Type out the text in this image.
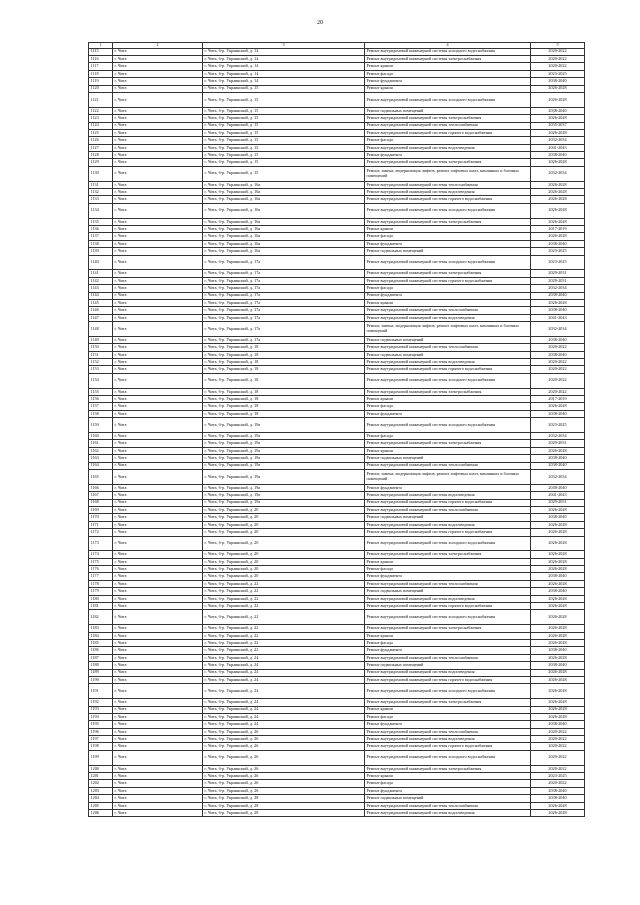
20
1	2	3	4	5
1115	г. Чита	г. Чита, б-р. Украинский, д. 14	Ремонт внутридомовой инженерной системы холодного водоснабжения	2020-2022
1116	г. Чита	г. Чита, б-р. Украинский, д. 14	Ремонт внутридомовой инженерной системы электроснабжения	2020-2022
1117	г. Чита	г. Чита, б-р. Украинский, д. 14	Ремонт крыши	2020-2022
1118	г. Чита	г. Чита, б-р. Украинский, д. 14	Ремонт фасада	2023-2025
1119	г. Чита	г. Чита, б-р. Украинский, д. 14	Ремонт фундамента	2038-2040
1120	г. Чита	г. Чита, б-р. Украинский, д. 15	Ремонт крыши	2026-2028
1121	г. Чита	г. Чита, б-р. Украинский, д. 15	Ремонт внутридомовой инженерной системы холодного водоснабжения	2026-2028
1122	г. Чита	г. Чита, б-р. Украинский, д. 15	Ремонт подвальных помещений	2038-2040
1123	г. Чита	г. Чита, б-р. Украинский, д. 15	Ремонт внутридомовой инженерной системы электроснабжения	2026-2028
1124	г. Чита	г. Чита, б-р. Украинский, д. 15	Ремонт внутридомовой инженерной системы теплоснабжения	2035-2037
1125	г. Чита	г. Чита, б-р. Украинский, д. 15	Ремонт внутридомовой инженерной системы горячего водоснабжения	2026-2028
1126	г. Чита	г. Чита, б-р. Украинский, д. 15	Ремонт фасада	2032-2034
1127	г. Чита	г. Чита, б-р. Украинский, д. 15	Ремонт внутридомовой инженерной системы водоотведения	2041-2043
1128	г. Чита	г. Чита, б-р. Украинский, д. 15	Ремонт фундамента	2038-2040
1129	г. Чита	г. Чита, б-р. Украинский, д. 15	Ремонт внутридомовой инженерной системы электроснабжения	2026-2028
1130	г. Чита	г. Чита, б-р. Украинский, д. 15	Ремонт, замена, модернизация лифтов, ремонт лифтовых шахт, машинных и блочных помещений	2032-2034
1131	г. Чита	г. Чита, б-р. Украинский, д. 16а	Ремонт внутридомовой инженерной системы теплоснабжения	2026-2028
1132	г. Чита	г. Чита, б-р. Украинский, д. 16а	Ремонт внутридомовой инженерной системы водоотведения	2026-2028
1133	г. Чита	г. Чита, б-р. Украинский, д. 16а	Ремонт внутридомовой инженерной системы горячего водоснабжения	2026-2028
1134	г. Чита	г. Чита, б-р. Украинский, д. 16а	Ремонт внутридомовой инженерной системы холодного водоснабжения	2026-2028
1135	г. Чита	г. Чита, б-р. Украинский, д. 16а	Ремонт внутридомовой инженерной системы электроснабжения	2026-2028
1136	г. Чита	г. Чита, б-р. Украинский, д. 16а	Ремонт крыши	2017-2019
1137	г. Чита	г. Чита, б-р. Украинский, д. 16а	Ремонт фасада	2026-2028
1138	г. Чита	г. Чита, б-р. Украинский, д. 16а	Ремонт фундамента	2038-2040
1139	г. Чита	г. Чита, б-р. Украинский, д. 16а	Ремонт подвальных помещений	2023-2025
1140	г. Чита	г. Чита, б-р. Украинский, д. 17а	Ремонт внутридомовой инженерной системы холодного водоснабжения	2023-2025
1141	г. Чита	г. Чита, б-р. Украинский, д. 17а	Ремонт внутридомовой инженерной системы электроснабжения	2029-2031
1142	г. Чита	г. Чита, б-р. Украинский, д. 17а	Ремонт внутридомовой инженерной системы горячего водоснабжения	2029-2031
1143	г. Чита	г. Чита, б-р. Украинский, д. 17а	Ремонт фасада	2032-2034
1144	г. Чита	г. Чита, б-р. Украинский, д. 17а	Ремонт фундамента	2038-2040
1145	г. Чита	г. Чита, б-р. Украинский, д. 17а	Ремонт крыши	2026-2028
1146	г. Чита	г. Чита, б-р. Украинский, д. 17а	Ремонт внутридомовой инженерной системы теплоснабжения	2038-2040
1147	г. Чита	г. Чита, б-р. Украинский, д. 17а	Ремонт внутридомовой инженерной системы водоотведения	2041-2043
1148	г. Чита	г. Чита, б-р. Украинский, д. 17а	Ремонт, замена, модернизация лифтов, ремонт лифтовых шахт, машинных и блочных помещений	2032-2034
1149	г. Чита	г. Чита, б-р. Украинский, д. 17а	Ремонт подвальных помещений	2038-2040
1150	г. Чита	г. Чита, б-р. Украинский, д. 18	Ремонт внутридомовой инженерной системы теплоснабжения	2020-2022
1151	г. Чита	г. Чита, б-р. Украинский, д. 18	Ремонт подвальных помещений	2038-2040
1152	г. Чита	г. Чита, б-р. Украинский, д. 18	Ремонт внутридомовой инженерной системы водоотведения	2020-2022
1153	г. Чита	г. Чита, б-р. Украинский, д. 18	Ремонт внутридомовой инженерной системы горячего водоснабжения	2020-2022
1154	г. Чита	г. Чита, б-р. Украинский, д. 18	Ремонт внутридомовой инженерной системы холодного водоснабжения	2020-2022
1155	г. Чита	г. Чита, б-р. Украинский, д. 18	Ремонт внутридомовой инженерной системы электроснабжения	2020-2022
1156	г. Чита	г. Чита, б-р. Украинский, д. 18	Ремонт крыши	2017-2019
1157	г. Чита	г. Чита, б-р. Украинский, д. 18	Ремонт фасада	2026-2028
1158	г. Чита	г. Чита, б-р. Украинский, д. 18	Ремонт фундамента	2038-2040
1159	г. Чита	г. Чита, б-р. Украинский, д. 19а	Ремонт внутридомовой инженерной системы холодного водоснабжения	2023-2025
1160	г. Чита	г. Чита, б-р. Украинский, д. 19а	Ремонт фасада	2032-2034
1161	г. Чита	г. Чита, б-р. Украинский, д. 19а	Ремонт внутридомовой инженерной системы электроснабжения	2029-2031
1162	г. Чита	г. Чита, б-р. Украинский, д. 19а	Ремонт крыши	2026-2028
1163	г. Чита	г. Чита, б-р. Украинский, д. 19а	Ремонт подвальных помещений	2038-2040
1164	г. Чита	г. Чита, б-р. Украинский, д. 19а	Ремонт внутридомовой инженерной системы теплоснабжения	2038-2040
1165	г. Чита	г. Чита, б-р. Украинский, д. 19а	Ремонт, замена, модернизация лифтов, ремонт лифтовых шахт, машинных и блочных помещений	2032-2034
1166	г. Чита	г. Чита, б-р. Украинский, д. 19а	Ремонт фундамента	2038-2040
1167	г. Чита	г. Чита, б-р. Украинский, д. 19а	Ремонт внутридомовой инженерной системы водоотведения	2041-2043
1168	г. Чита	г. Чита, б-р. Украинский, д. 19а	Ремонт внутридомовой инженерной системы горячего водоснабжения	2029-2031
1169	г. Чита	г. Чита, б-р. Украинский, д. 20	Ремонт внутридомовой инженерной системы теплоснабжения	2026-2028
1170	г. Чита	г. Чита, б-р. Украинский, д. 20	Ремонт подвальных помещений	2038-2040
1171	г. Чита	г. Чита, б-р. Украинский, д. 20	Ремонт внутридомовой инженерной системы водоотведения	2026-2028
1172	г. Чита	г. Чита, б-р. Украинский, д. 20	Ремонт внутридомовой инженерной системы горячего водоснабжения	2026-2028
1173	г. Чита	г. Чита, б-р. Украинский, д. 20	Ремонт внутридомовой инженерной системы холодного водоснабжения	2026-2028
1174	г. Чита	г. Чита, б-р. Украинский, д. 20	Ремонт внутридомовой инженерной системы электроснабжения	2026-2028
1175	г. Чита	г. Чита, б-р. Украинский, д. 20	Ремонт крыши	2026-2028
1176	г. Чита	г. Чита, б-р. Украинский, д. 20	Ремонт фасада	2026-2028
1177	г. Чита	г. Чита, б-р. Украинский, д. 20	Ремонт фундамента	2038-2040
1178	г. Чита	г. Чита, б-р. Украинский, д. 22	Ремонт внутридомовой инженерной системы теплоснабжения	2026-2028
1179	г. Чита	г. Чита, б-р. Украинский, д. 22	Ремонт подвальных помещений	2038-2040
1180	г. Чита	г. Чита, б-р. Украинский, д. 22	Ремонт внутридомовой инженерной системы водоотведения	2026-2028
1181	г. Чита	г. Чита, б-р. Украинский, д. 22	Ремонт внутридомовой инженерной системы горячего водоснабжения	2026-2028
1182	г. Чита	г. Чита, б-р. Украинский, д. 22	Ремонт внутридомовой инженерной системы холодного водоснабжения	2026-2028
1183	г. Чита	г. Чита, б-р. Украинский, д. 22	Ремонт внутридомовой инженерной системы электроснабжения	2026-2028
1184	г. Чита	г. Чита, б-р. Украинский, д. 22	Ремонт крыши	2026-2028
1185	г. Чита	г. Чита, б-р. Украинский, д. 22	Ремонт фасада	2026-2028
1186	г. Чита	г. Чита, б-р. Украинский, д. 22	Ремонт фундамента	2038-2040
1187	г. Чита	г. Чита, б-р. Украинский, д. 24	Ремонт внутридомовой инженерной системы теплоснабжения	2026-2028
1188	г. Чита	г. Чита, б-р. Украинский, д. 24	Ремонт подвальных помещений	2038-2040
1189	г. Чита	г. Чита, б-р. Украинский, д. 24	Ремонт внутридомовой инженерной системы водоотведения	2026-2028
1190	г. Чита	г. Чита, б-р. Украинский, д. 24	Ремонт внутридомовой инженерной системы горячего водоснабжения	2026-2028
1191	г. Чита	г. Чита, б-р. Украинский, д. 24	Ремонт внутридомовой инженерной системы холодного водоснабжения	2026-2028
1192	г. Чита	г. Чита, б-р. Украинский, д. 24	Ремонт внутридомовой инженерной системы электроснабжения	2026-2028
1193	г. Чита	г. Чита, б-р. Украинский, д. 24	Ремонт крыши	2026-2028
1194	г. Чита	г. Чита, б-р. Украинский, д. 24	Ремонт фасада	2026-2028
1195	г. Чита	г. Чита, б-р. Украинский, д. 24	Ремонт фундамента	2038-2040
1196	г. Чита	г. Чита, б-р. Украинский, д. 26	Ремонт внутридомовой инженерной системы теплоснабжения	2020-2022
1197	г. Чита	г. Чита, б-р. Украинский, д. 26	Ремонт внутридомовой инженерной системы водоотведения	2020-2022
1198	г. Чита	г. Чита, б-р. Украинский, д. 26	Ремонт внутридомовой инженерной системы горячего водоснабжения	2020-2022
1199	г. Чита	г. Чита, б-р. Украинский, д. 26	Ремонт внутридомовой инженерной системы холодного водоснабжения	2020-2022
1200	г. Чита	г. Чита, б-р. Украинский, д. 26	Ремонт внутридомовой инженерной системы электроснабжения	2020-2022
1201	г. Чита	г. Чита, б-р. Украинский, д. 26	Ремонт крыши	2023-2025
1202	г. Чита	г. Чита, б-р. Украинский, д. 26	Ремонт фасада	2020-2022
1203	г. Чита	г. Чита, б-р. Украинский, д. 26	Ремонт фундамента	2038-2040
1204	г. Чита	г. Чита, б-р. Украинский, д. 28	Ремонт подвальных помещений	2038-2040
1205	г. Чита	г. Чита, б-р. Украинский, д. 28	Ремонт внутридомовой инженерной системы теплоснабжения	2026-2028
1206	г. Чита	г. Чита, б-р. Украинский, д. 28	Ремонт внутридомовой инженерной системы водоотведения	2026-2028
